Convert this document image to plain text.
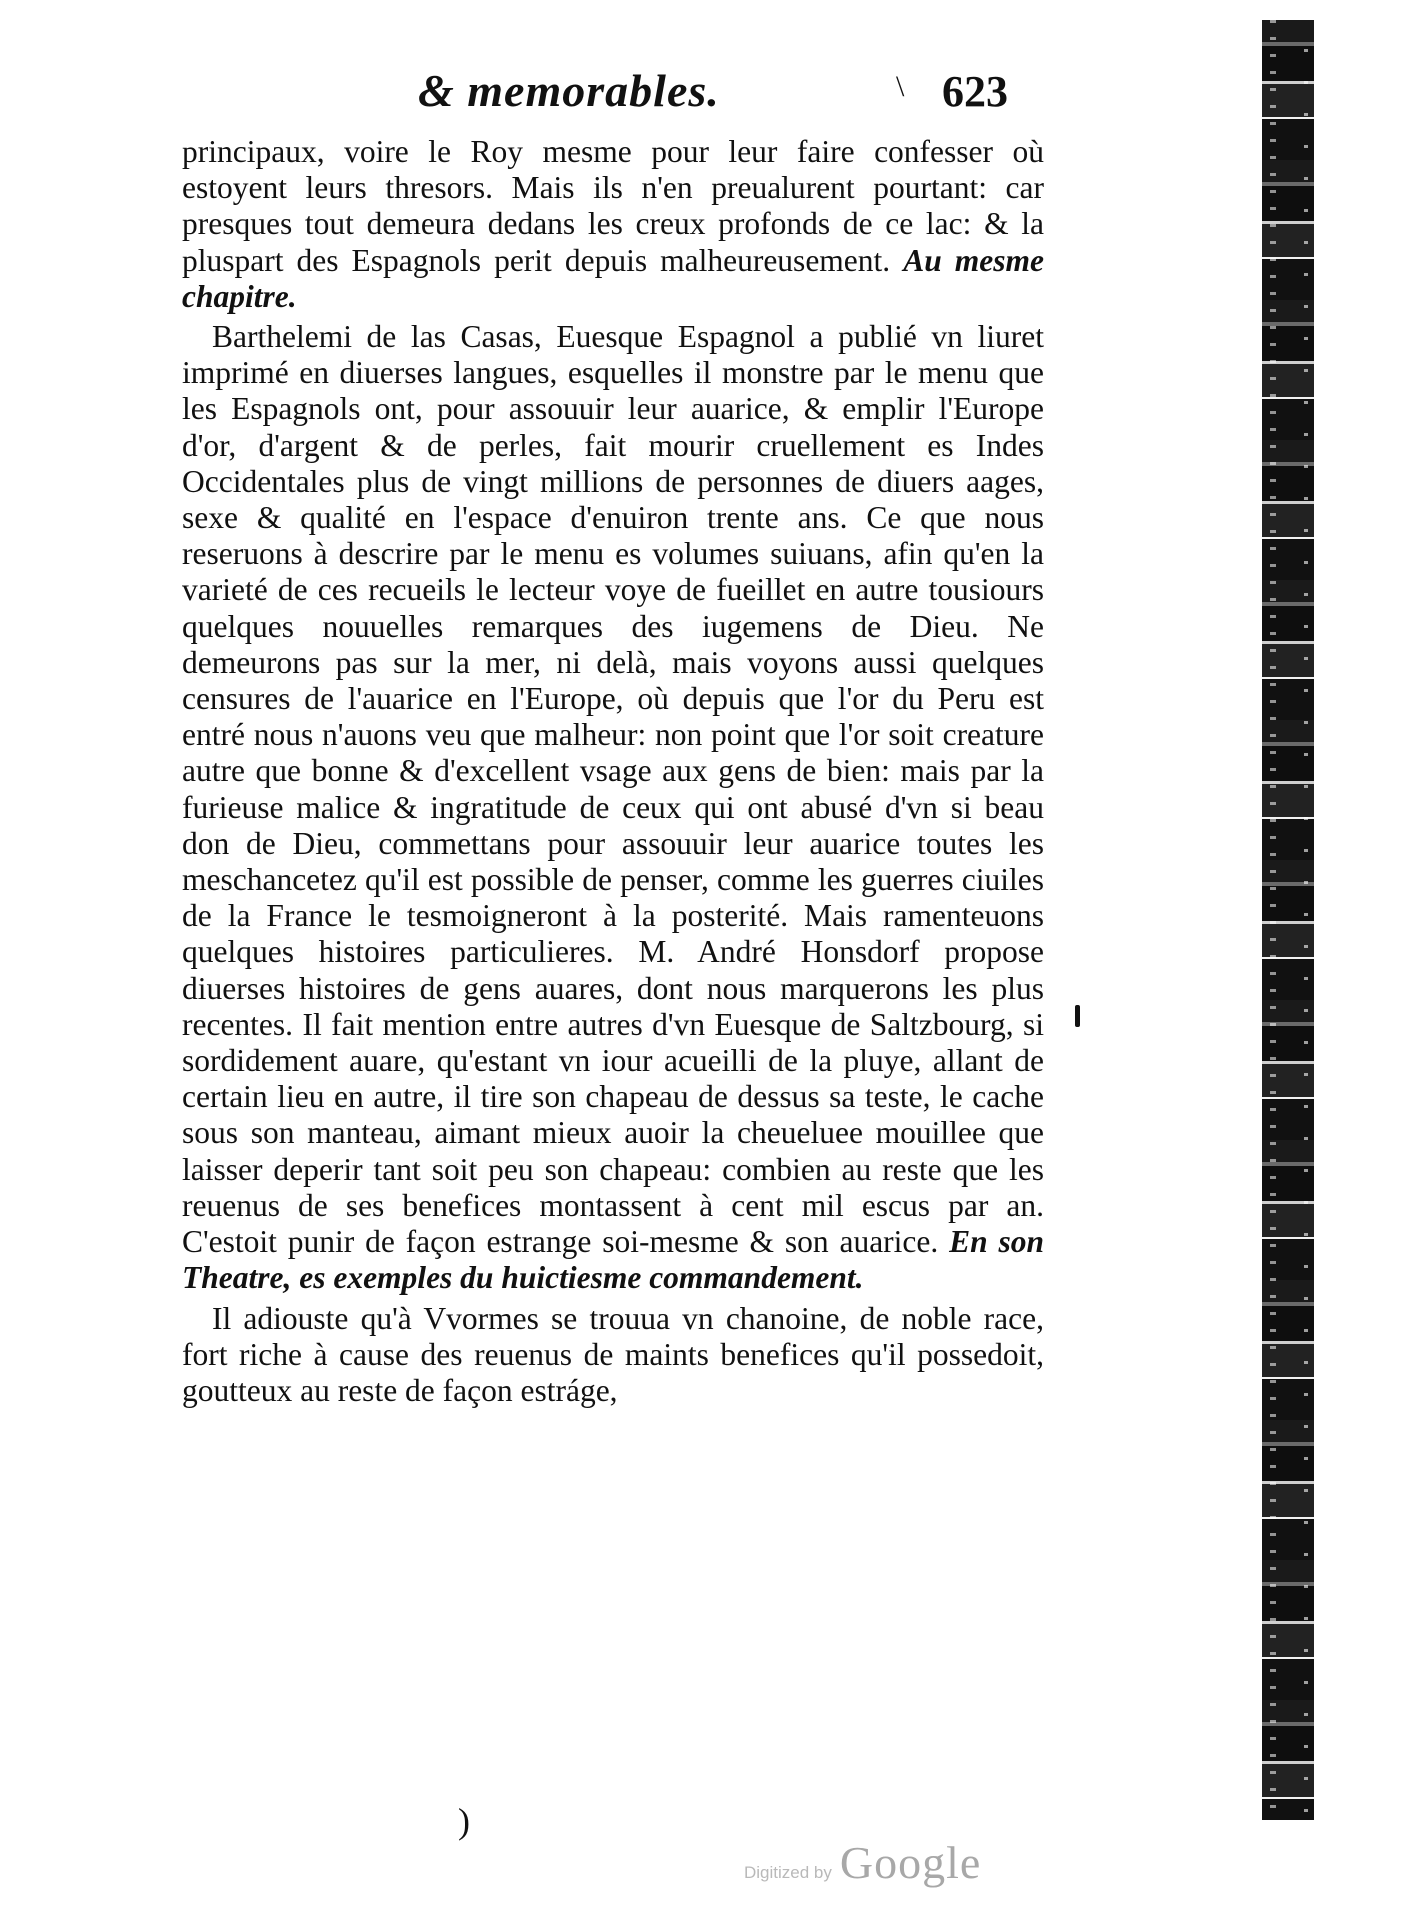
& memorables.	\ 623

principaux, voire le Roy mesme pour leur faire confesser où estoyent leurs thresors. Mais ils n'en preualurent pourtant: car presques tout demeura dedans les creux profonds de ce lac: & la pluspart des Espagnols perit depuis malheureusement. Au mesme chapitre.

Barthelemi de las Casas, Euesque Espagnol a publié vn liuret imprimé en diuerses langues, esquelles il monstre par le menu que les Espagnols ont, pour assouuir leur auarice, & emplir l'Europe d'or, d'argent & de perles, fait mourir cruellement es Indes Occidentales plus de vingt millions de personnes de diuers aages, sexe & qualité en l'espace d'enuiron trente ans. Ce que nous reseruons à descrire par le menu es volumes suiuans, afin qu'en la varieté de ces recueils le lecteur voye de fueillet en autre tousiours quelques nouuelles remarques des iugemens de Dieu. Ne demeurons pas sur la mer, ni delà, mais voyons aussi quelques censures de l'auarice en l'Europe, où depuis que l'or du Peru est entré nous n'auons veu que malheur: non point que l'or soit creature autre que bonne & d'excellent vsage aux gens de bien: mais par la furieuse malice & ingratitude de ceux qui ont abusé d'vn si beau don de Dieu, commettans pour assouuir leur auarice toutes les meschancetez qu'il est possible de penser, comme les guerres ciuiles de la France le tesmoigneront à la posterité. Mais ramenteuons quelques histoires particulieres. M. André Honsdorf propose diuerses histoires de gens auares, dont nous marquerons les plus recentes. Il fait mention entre autres d'vn Euesque de Saltzbourg, si sordidement auare, qu'estant vn iour acueilli de la pluye, allant de certain lieu en autre, il tire son chapeau de dessus sa teste, le cache sous son manteau, aimant mieux auoir la cheueluee mouillee que laisser deperir tant soit peu son chapeau: combien au reste que les reuenus de ses benefices montassent à cent mil escus par an. C'estoit punir de façon estrange soi-mesme & son auarice. En son Theatre, es exemples du huictiesme commandement.

Il adiouste qu'à Vvormes se trouua vn chanoine, de noble race, fort riche à cause des reuenus de maints benefices qu'il possedoit, goutteux au reste de façon estráge,

)
Digitized by Google
